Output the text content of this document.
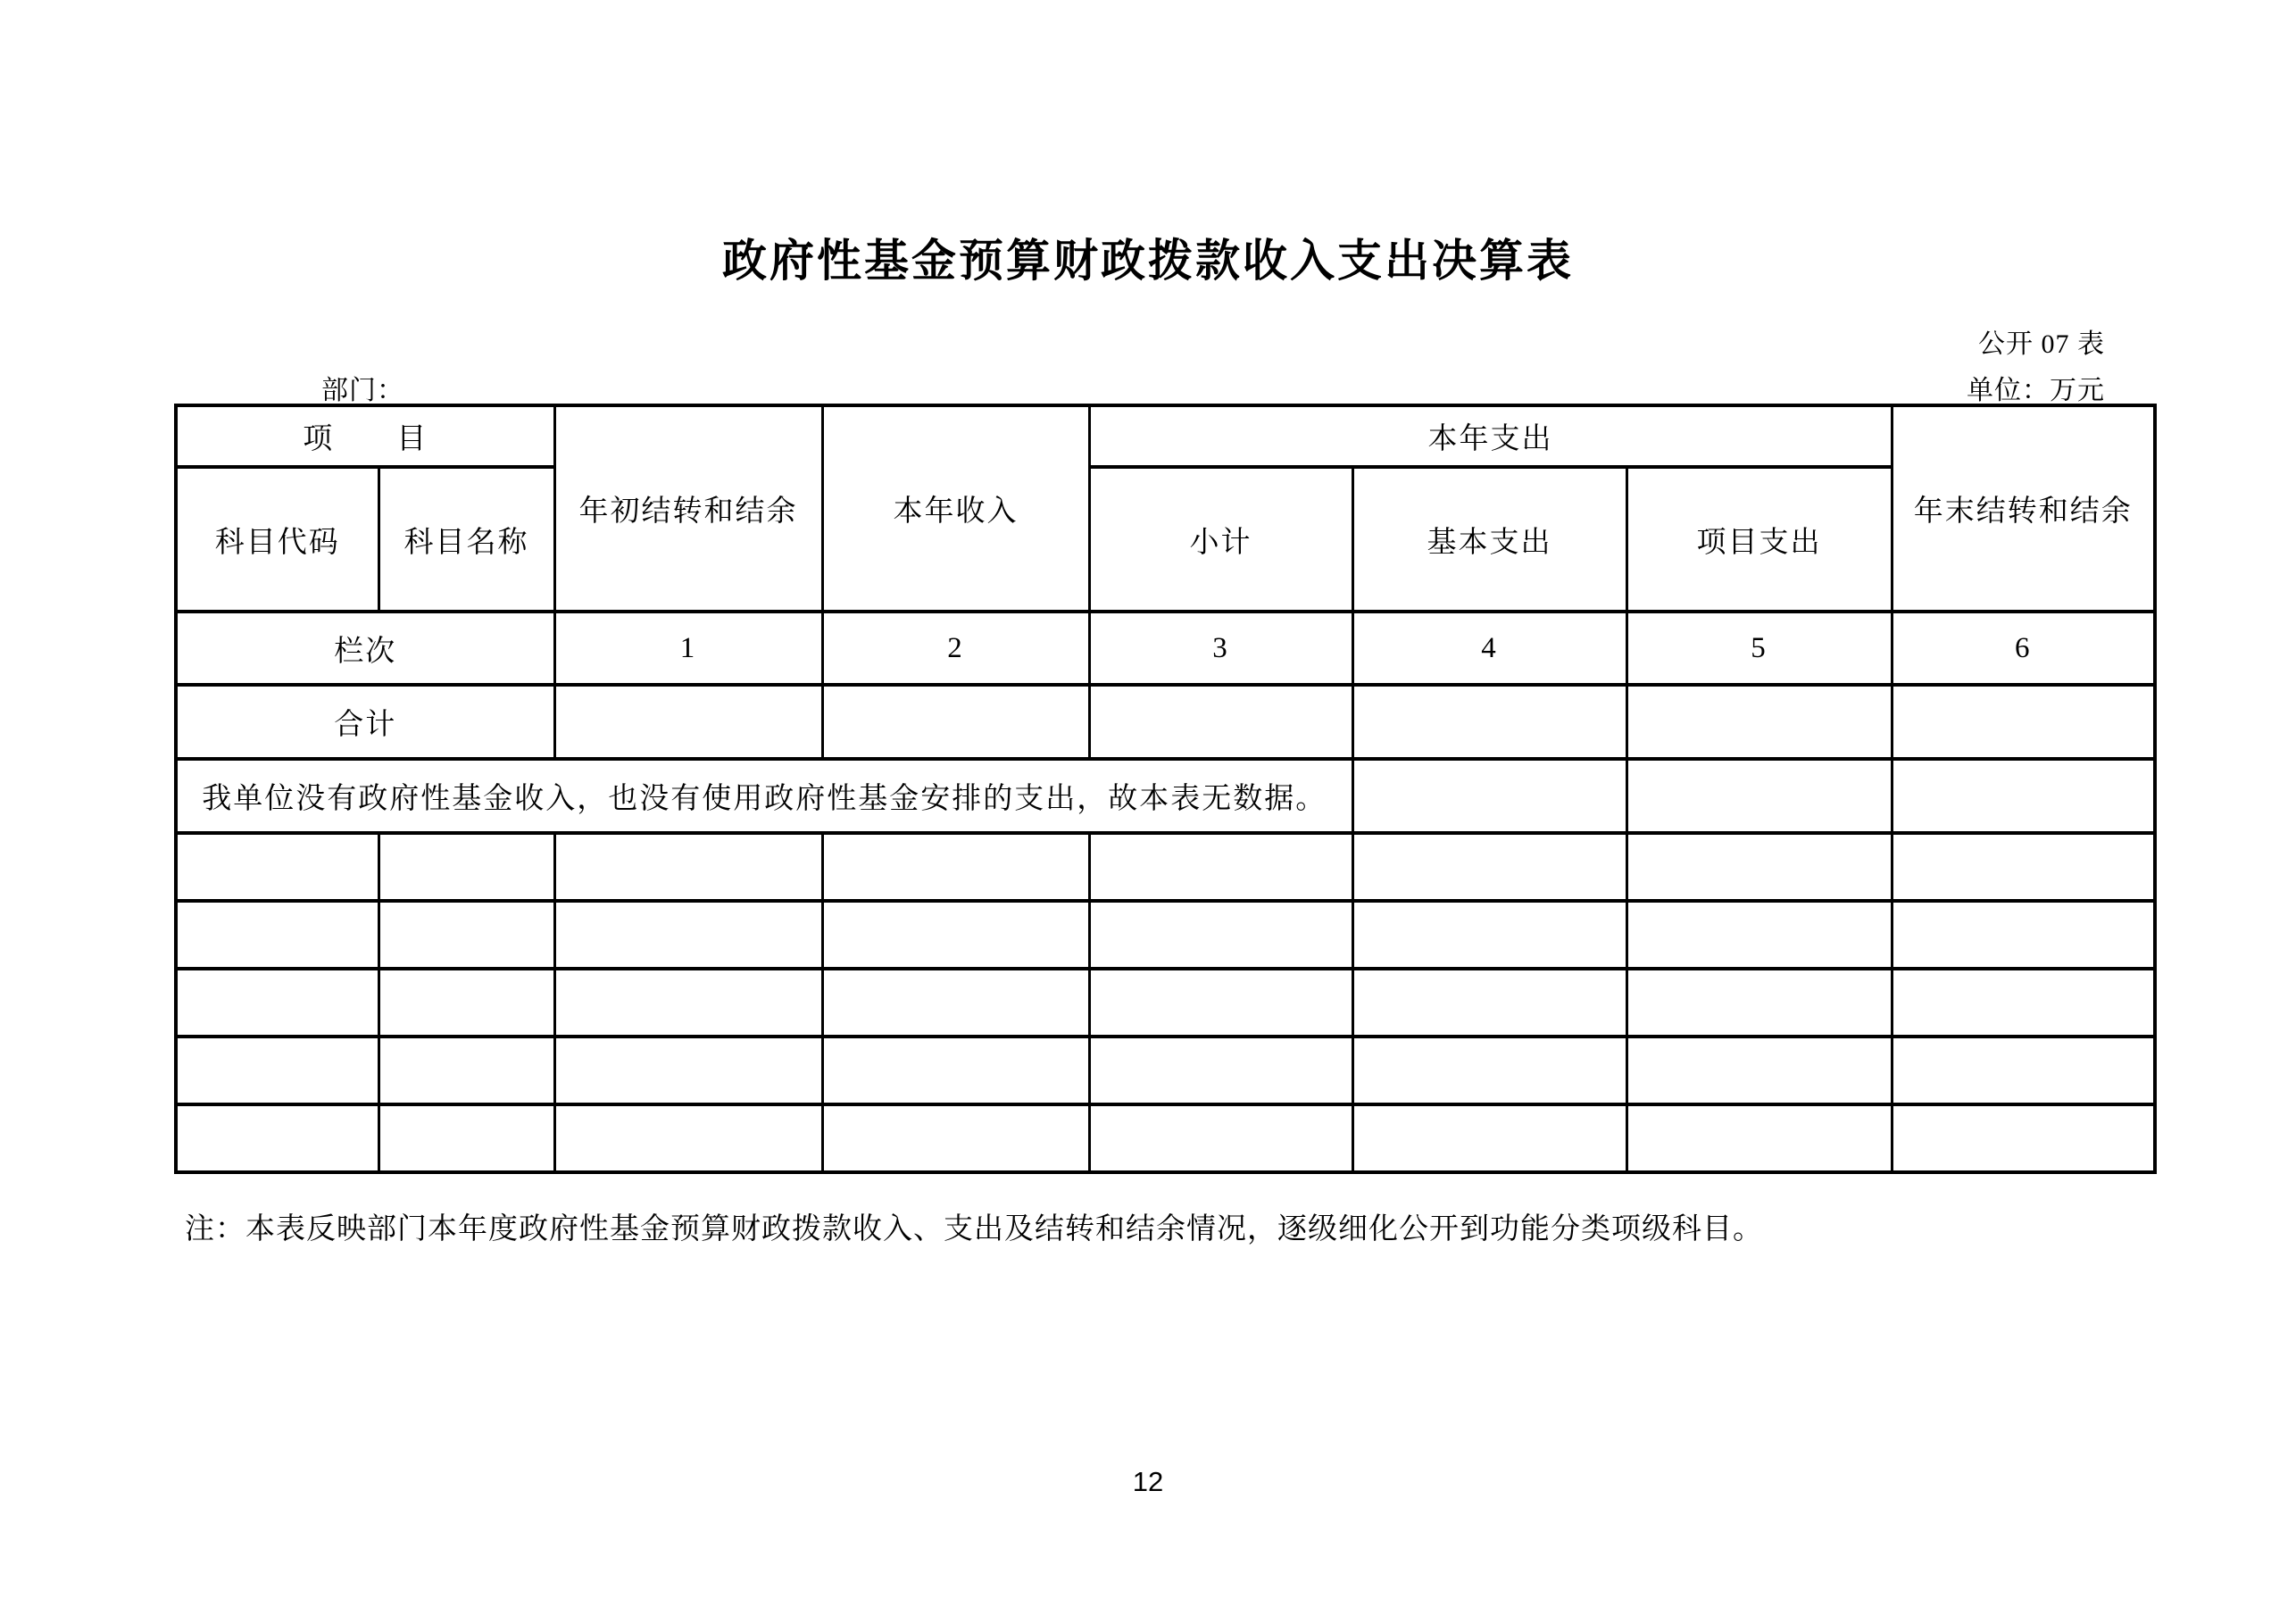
政府性基金预算财政拨款收入支出决算表
公开 07 表
单位：万元
部门：
项　　目		年初结转和结余	本年收入	本年支出			年末结转和结余
科目代码	科目名称			小计	基本支出	项目支出	
栏次		1	2	3	4	5	6
合计							
我单位没有政府性基金收入，也没有使用政府性基金安排的支出，故本表无数据。							

注：本表反映部门本年度政府性基金预算财政拨款收入、支出及结转和结余情况，逐级细化公开到功能分类项级科目。
12
